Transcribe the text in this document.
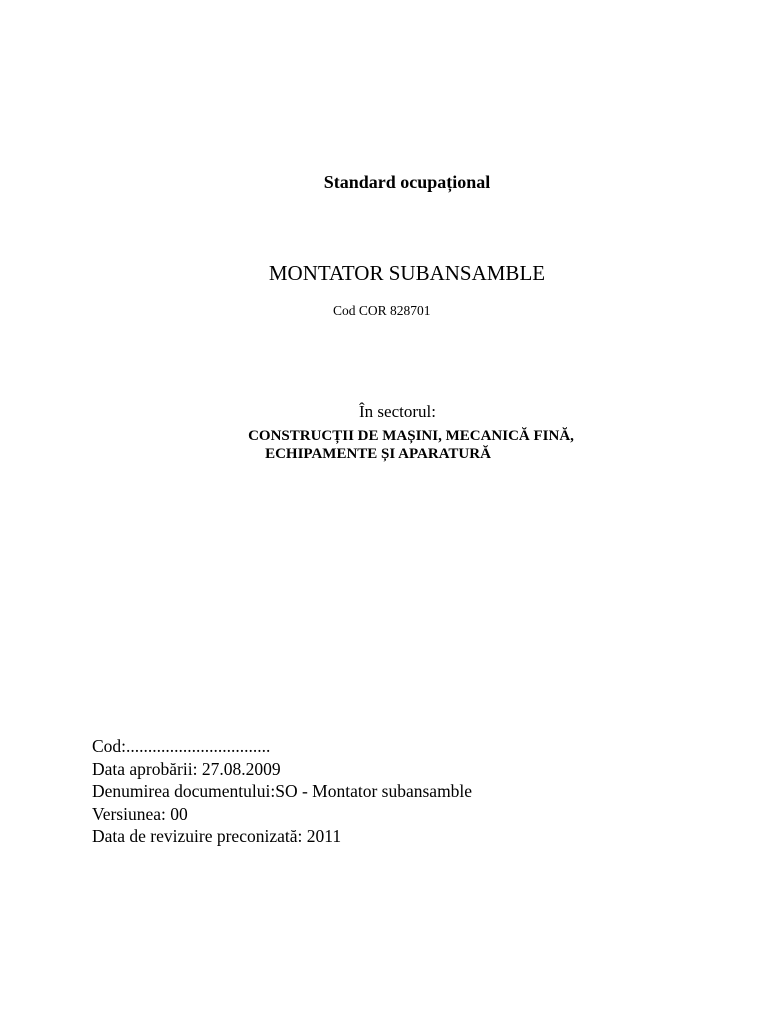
Standard ocupațional
MONTATOR SUBANSAMBLE
Cod COR 828701
În sectorul:
CONSTRUCȚII DE MAȘINI, MECANICĂ FINĂ,
ECHIPAMENTE ȘI APARATURĂ
Cod:.................................
Data aprobării: 27.08.2009
Denumirea documentului:SO - Montator subansamble
Versiunea: 00
Data de revizuire preconizată: 2011
